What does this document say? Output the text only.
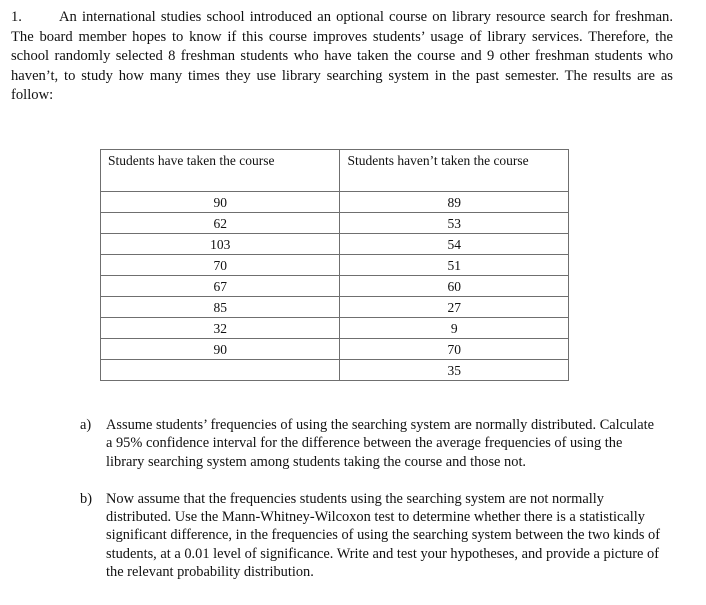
1.	An international studies school introduced an optional course on library resource search for freshman. The board member hopes to know if this course improves students’ usage of library services. Therefore, the school randomly selected 8 freshman students who have taken the course and 9 other freshman students who haven’t, to study how many times they use library searching system in the past semester. The results are as follow:
Students have taken the course	Students haven’t taken the course
90	89
62	53
103	54
70	51
67	60
85	27
32	9
90	70
	35
a) Assume students’ frequencies of using the searching system are normally distributed. Calculate a 95% confidence interval for the difference between the average frequencies of using the library searching system among students taking the course and those not.
b) Now assume that the frequencies students using the searching system are not normally distributed. Use the Mann-Whitney-Wilcoxon test to determine whether there is a statistically significant difference, in the frequencies of using the searching system between the two kinds of students, at a 0.01 level of significance. Write and test your hypotheses, and provide a picture of the relevant probability distribution.
